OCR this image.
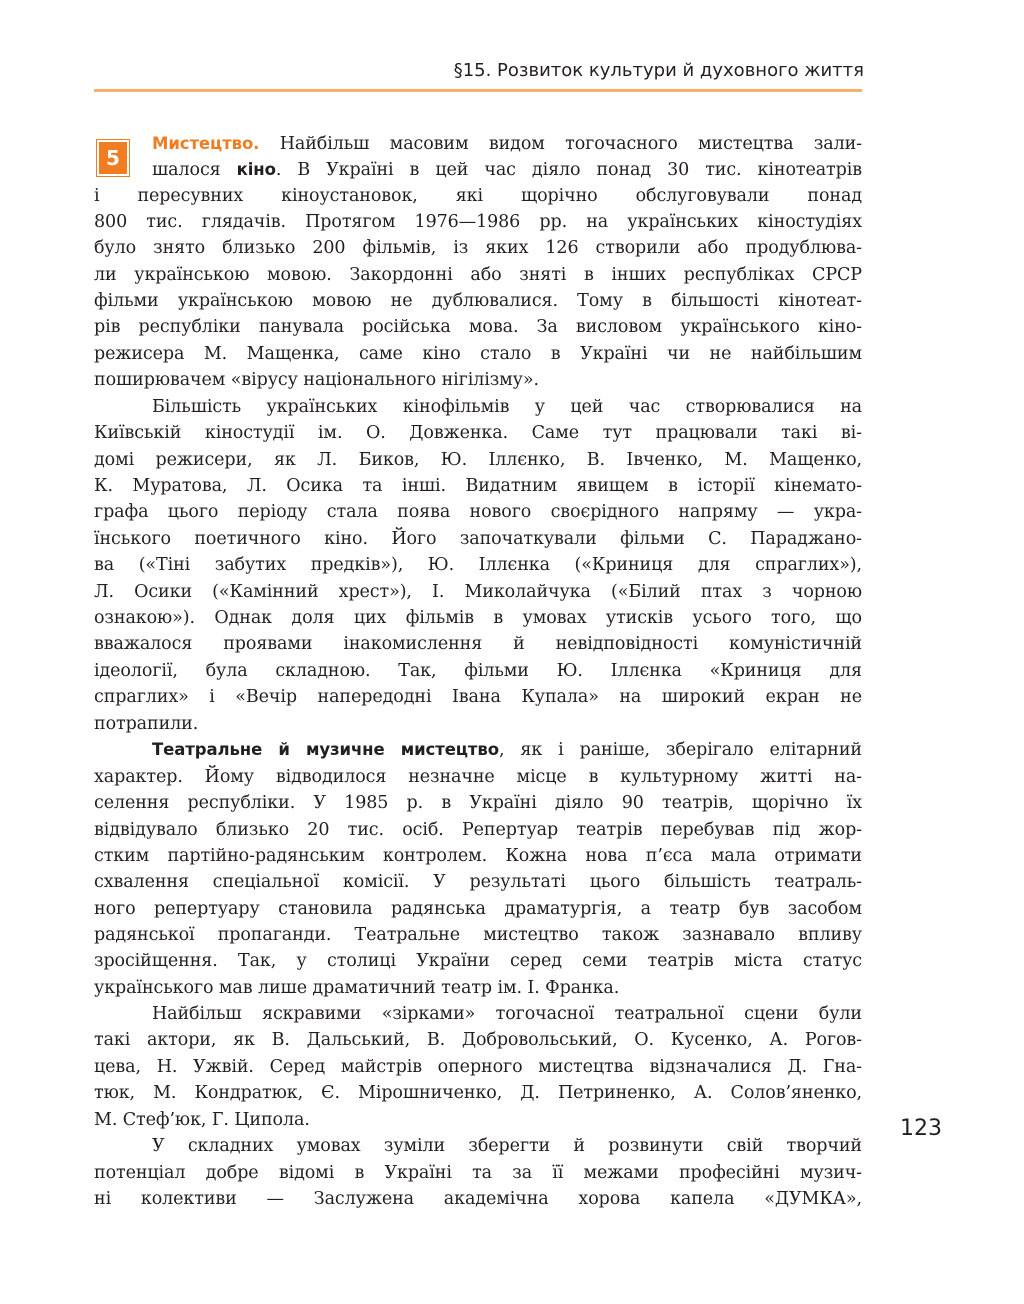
§15. Розвиток культури й духовного життя
5
Мистецтво. Найбільш масовим видом тогочасного мистецтва зали-
шалося кіно. В Україні в цей час діяло понад 30 тис. кінотеатрів
і пересувних кіноустановок, які щорічно обслуговували понад
800 тис. глядачів. Протягом 1976—1986 рр. на українських кіностудіях
було знято близько 200 фільмів, із яких 126 створили або продублюва-
ли українською мовою. Закордонні або зняті в інших республіках СРСР
фільми українською мовою не дублювалися. Тому в більшості кінотеат-
рів республіки панувала російська мова. За висловом українського кіно-
режисера М. Мащенка, саме кіно стало в Україні чи не найбільшим
поширювачем «вірусу національного нігілізму».
Більшість українських кінофільмів у цей час створювалися на
Київській кіностудії ім. О. Довженка. Саме тут працювали такі ві-
домі режисери, як Л. Биков, Ю. Іллєнко, В. Івченко, М. Мащенко,
К. Муратова, Л. Осика та інші. Видатним явищем в історії кінемато-
графа цього періоду стала поява нового своєрідного напряму — укра-
їнського поетичного кіно. Його започаткували фільми С. Параджано-
ва («Тіні забутих предків»), Ю. Іллєнка («Криниця для спраглих»),
Л. Осики («Камінний хрест»), І. Миколайчука («Білий птах з чорною
ознакою»). Однак доля цих фільмів в умовах утисків усього того, що
вважалося проявами інакомислення й невідповідності комуністичній
ідеології, була складною. Так, фільми Ю. Іллєнка «Криниця для
спраглих» і «Вечір напередодні Івана Купала» на широкий екран не
потрапили.
Театральне й музичне мистецтво, як і раніше, зберігало елітарний
характер. Йому відводилося незначне місце в культурному житті на-
селення республіки. У 1985 р. в Україні діяло 90 театрів, щорічно їх
відвідувало близько 20 тис. осіб. Репертуар театрів перебував під жор-
стким партійно-радянським контролем. Кожна нова п’єса мала отримати
схвалення спеціальної комісії. У результаті цього більшість театраль-
ного репертуару становила радянська драматургія, а театр був засобом
радянської пропаганди. Театральне мистецтво також зазнавало впливу
зросійщення. Так, у столиці України серед семи театрів міста статус
українського мав лише драматичний театр ім. І. Франка.
Найбільш яскравими «зірками» тогочасної театральної сцени були
такі актори, як В. Дальський, В. Добровольський, О. Кусенко, А. Рогов-
цева, Н. Ужвій. Серед майстрів оперного мистецтва відзначалися Д. Гна-
тюк, М. Кондратюк, Є. Мірошниченко, Д. Петриненко, А. Солов’яненко,
М. Стеф’юк, Г. Ципола.
У складних умовах зуміли зберегти й розвинути свій творчий
потенціал добре відомі в Україні та за її межами професійні музич-
ні колективи — Заслужена академічна хорова капела «ДУМКА»,
123
